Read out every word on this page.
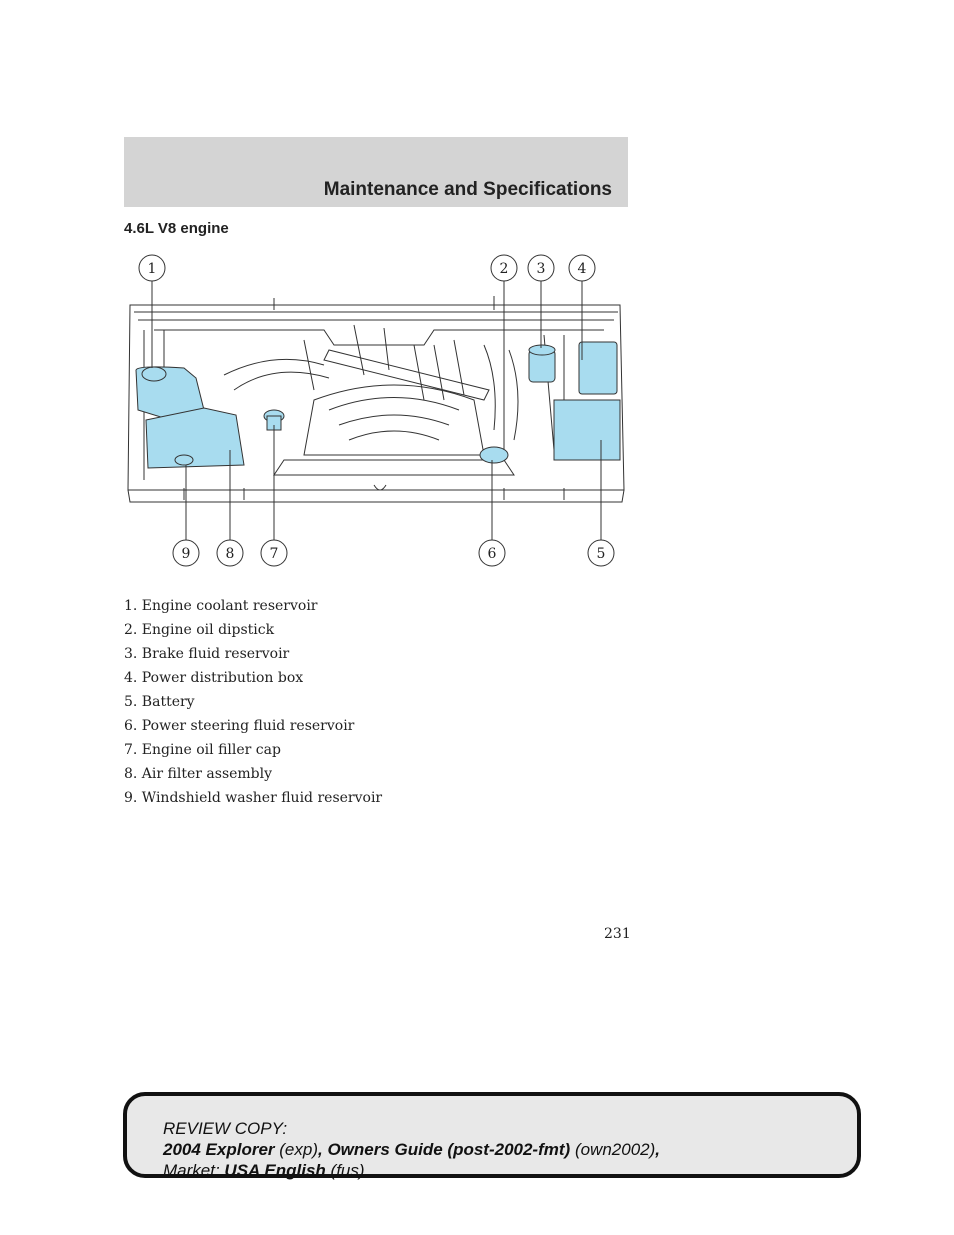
Maintenance and Specifications
4.6L V8 engine
1	2 3 4
9	8	7	6	5
1. Engine coolant reservoir
2. Engine oil dipstick
3. Brake fluid reservoir
4. Power distribution box
5. Battery
6. Power steering fluid reservoir
7. Engine oil filler cap
8. Air filter assembly
9. Windshield washer fluid reservoir
231
REVIEW COPY:
2004 Explorer (exp), Owners Guide (post-2002-fmt) (own2002),
Market: USA English (fus)
